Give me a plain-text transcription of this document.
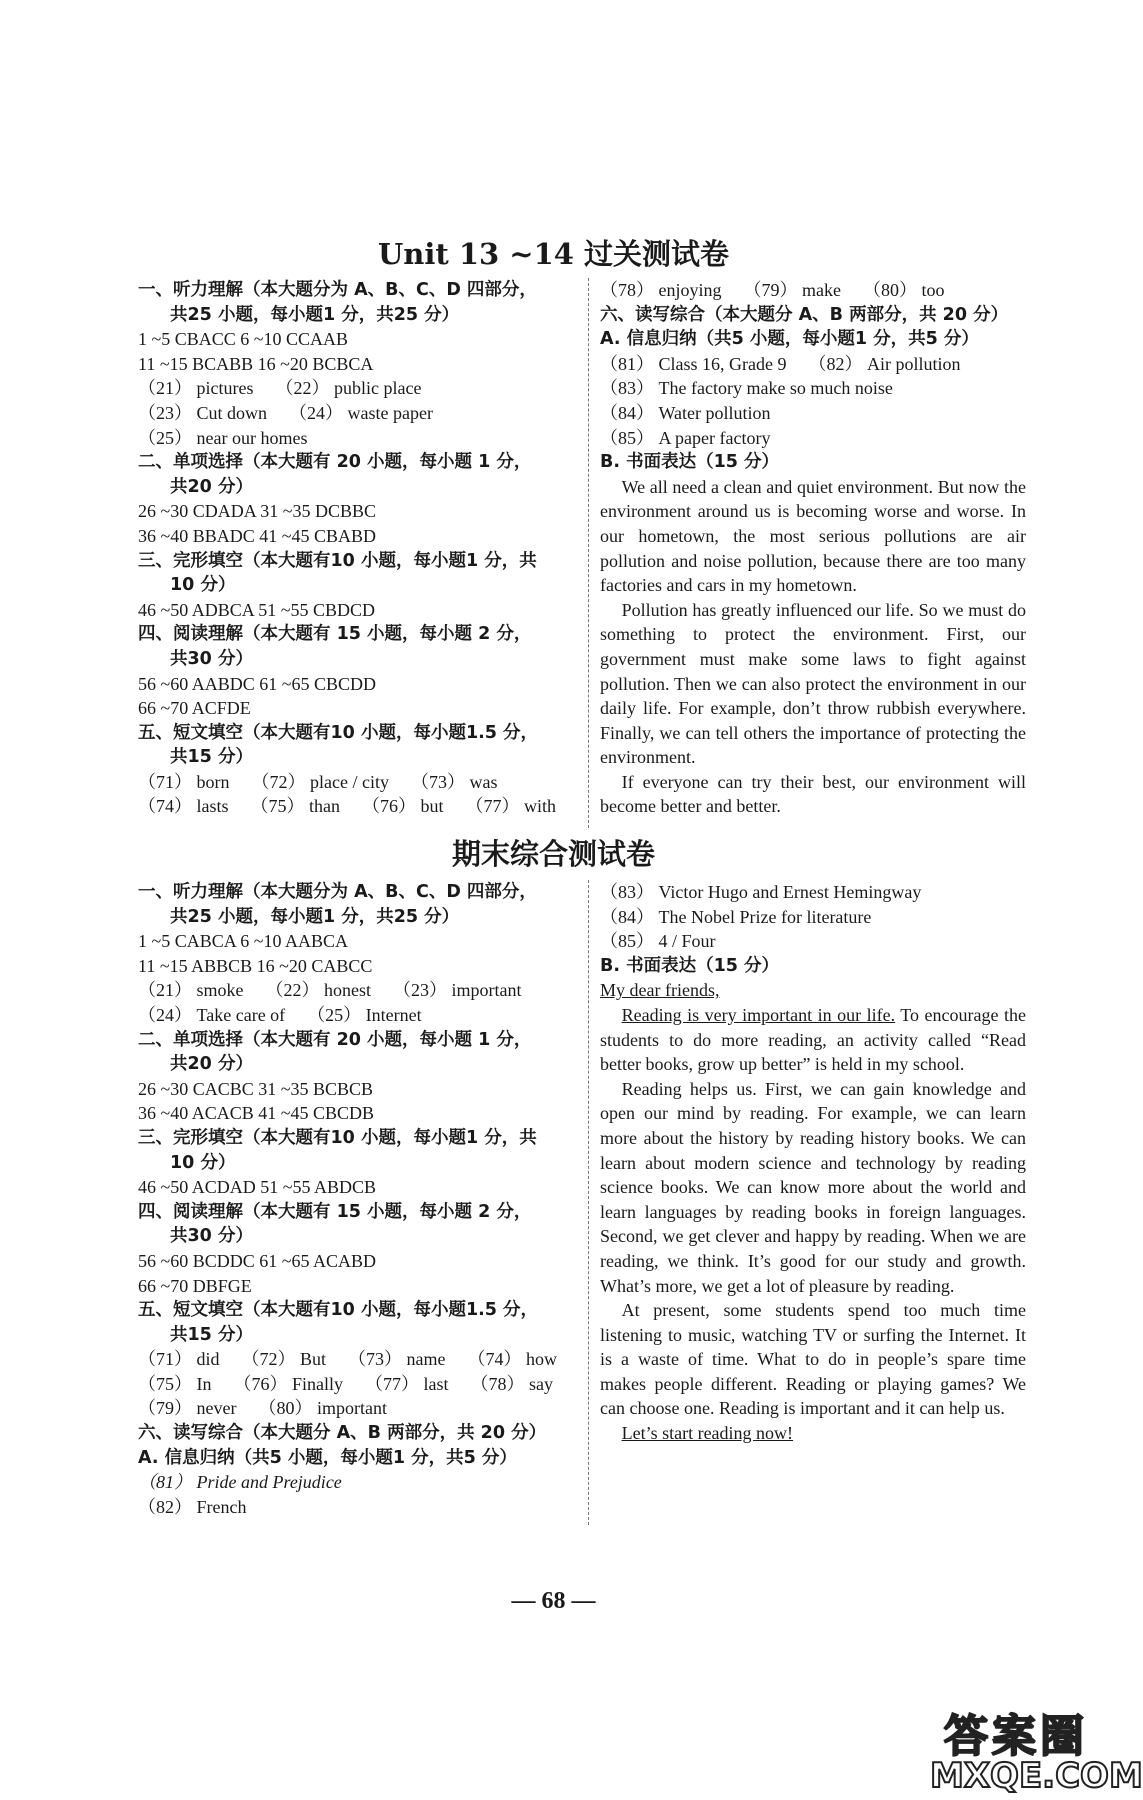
Unit 13 ~14 过关测试卷
一、听力理解（本大题分为 A、B、C、D 四部分，
共25 小题，每小题1 分，共25 分）
1 ~5 CBACC 6 ~10 CCAAB
11 ~15 BCABB 16 ~20 BCBCA
（21） pictures （22） public place
（23） Cut down （24） waste paper
（25） near our homes
二、单项选择（本大题有 20 小题，每小题 1 分，
共20 分）
26 ~30 CDADA 31 ~35 DCBBC
36 ~40 BBADC 41 ~45 CBABD
三、完形填空（本大题有10 小题，每小题1 分，共
10 分）
46 ~50 ADBCA 51 ~55 CBDCD
四、阅读理解（本大题有 15 小题，每小题 2 分，
共30 分）
56 ~60 AABDC 61 ~65 CBCDD
66 ~70 ACFDE
五、短文填空（本大题有10 小题，每小题1.5 分，
共15 分）
（71） born （72） place / city （73） was
（74） lasts （75） than （76） but （77） with
（78） enjoying （79） make （80） too
六、读写综合（本大题分 A、B 两部分，共 20 分）
A. 信息归纳（共5 小题，每小题1 分，共5 分）
（81） Class 16, Grade 9 （82） Air pollution
（83） The factory make so much noise
（84） Water pollution
（85） A paper factory
B. 书面表达（15 分）

We all need a clean and quiet environment. But now the environment around us is becoming worse and worse. In our hometown, the most serious pollutions are air pollution and noise pollution, because there are too many factories and cars in my hometown.

Pollution has greatly influenced our life. So we must do something to protect the environment. First, our government must make some laws to fight against pollution. Then we can also protect the environment in our daily life. For example, don’t throw rubbish everywhere. Finally, we can tell others the importance of protecting the environment.

If everyone can try their best, our environment will become better and better.

期末综合测试卷
一、听力理解（本大题分为 A、B、C、D 四部分，
共25 小题，每小题1 分，共25 分）
1 ~5 CABCA 6 ~10 AABCA
11 ~15 ABBCB 16 ~20 CABCC
（21） smoke （22） honest （23） important
（24） Take care of （25） Internet
二、单项选择（本大题有 20 小题，每小题 1 分，
共20 分）
26 ~30 CACBC 31 ~35 BCBCB
36 ~40 ACACB 41 ~45 CBCDB
三、完形填空（本大题有10 小题，每小题1 分，共
10 分）
46 ~50 ACDAD 51 ~55 ABDCB
四、阅读理解（本大题有 15 小题，每小题 2 分，
共30 分）
56 ~60 BCDDC 61 ~65 ACABD
66 ~70 DBFGE
五、短文填空（本大题有10 小题，每小题1.5 分，
共15 分）
（71） did （72） But （73） name （74） how
（75） In （76） Finally （77） last （78） say
（79） never （80） important
六、读写综合（本大题分 A、B 两部分，共 20 分）
A. 信息归纳（共5 小题，每小题1 分，共5 分）
（81） Pride and Prejudice
（82） French
（83） Victor Hugo and Ernest Hemingway
（84） The Nobel Prize for literature
（85） 4 / Four
B. 书面表达（15 分）
My dear friends,

Reading is very important in our life. To encourage the students to do more reading, an activity called “Read better books, grow up better” is held in my school.

Reading helps us. First, we can gain knowledge and open our mind by reading. For example, we can learn more about the history by reading history books. We can learn about modern science and technology by reading science books. We can know more about the world and learn languages by reading books in foreign languages. Second, we get clever and happy by reading. When we are reading, we think. It’s good for our study and growth. What’s more, we get a lot of pleasure by reading.

At present, some students spend too much time listening to music, watching TV or surfing the Internet. It is a waste of time. What to do in people’s spare time makes people different. Reading or playing games? We can choose one. Reading is important and it can help us.

Let’s start reading now!

— 68 —
答案圈
MXQE.COM
